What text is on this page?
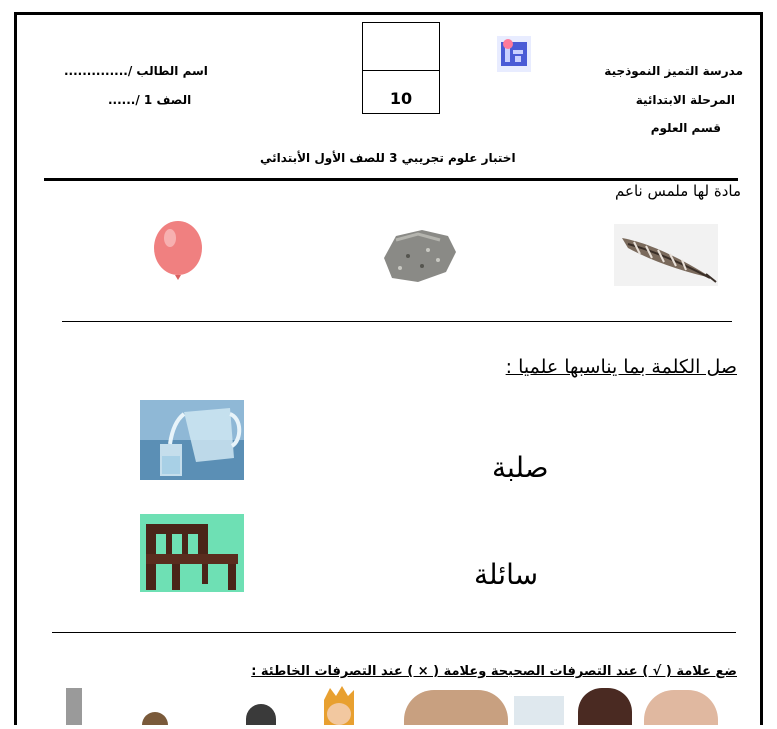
مدرسة التميز النموذجية
المرحلة الابتدائية
قسم العلوم
10
اسم الطالب /..............
الصف 1 /......
اختبار علوم تجريبي 3 للصف الأول الأبتدائي
مادة لها ملمس ناعم
صل الكلمة بما يناسبها علميا :
صلبة
سائلة
ضع علامة ( √ ) عند التصرفات الصحيحة وعلامة ( × ) عند التصرفات الخاطئة :
